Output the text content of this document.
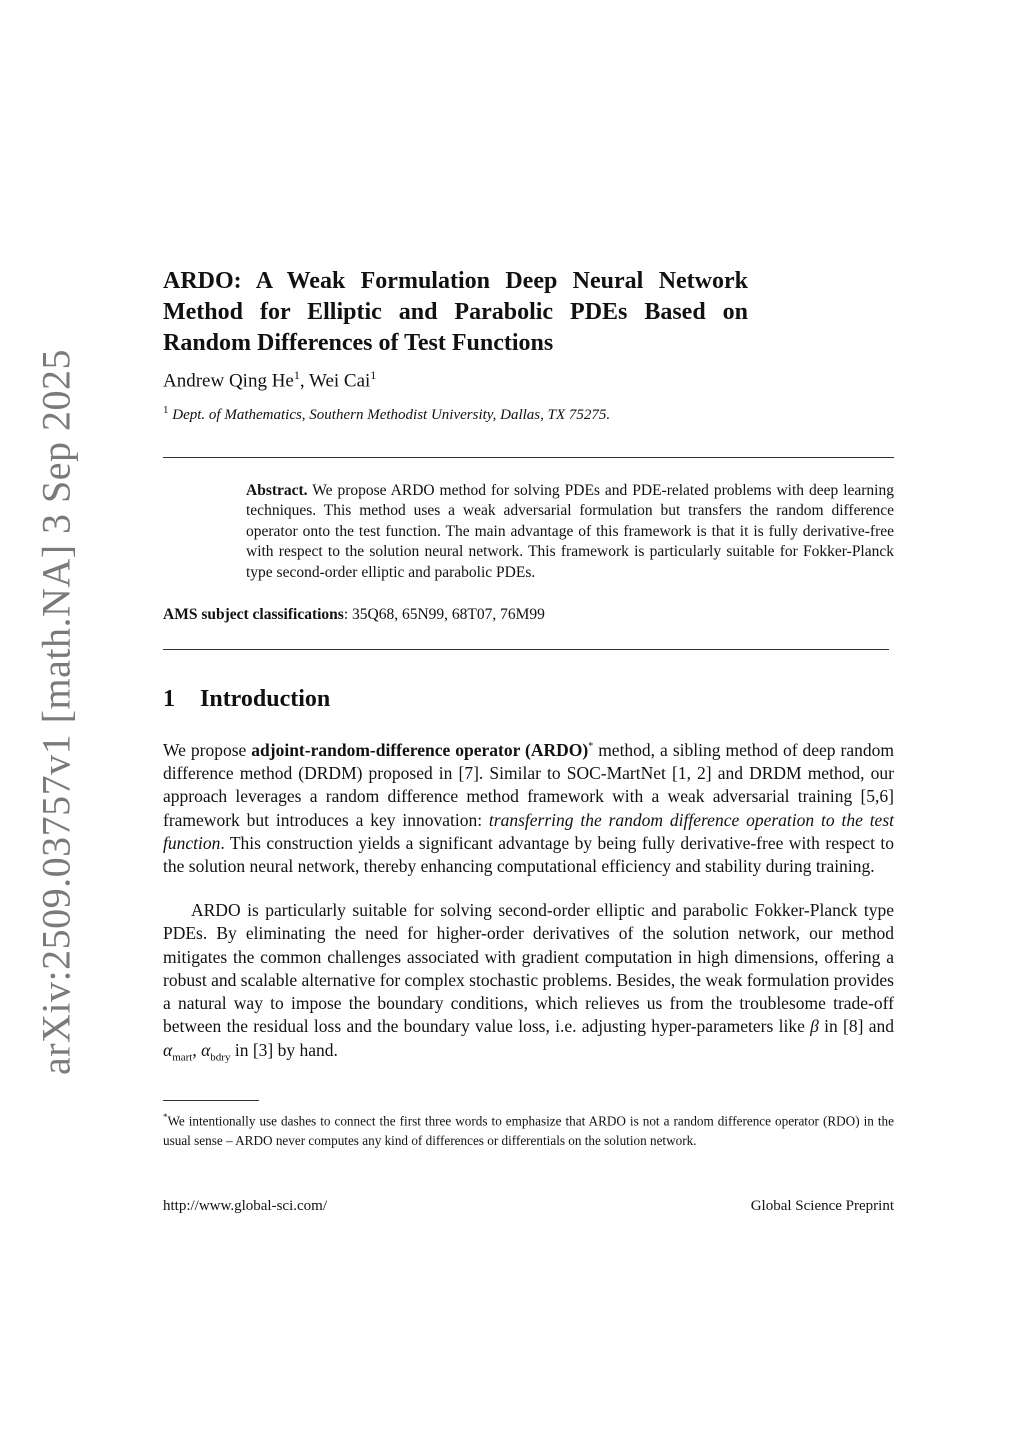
arXiv:2509.03757v1 [math.NA] 3 Sep 2025
ARDO: A Weak Formulation Deep Neural Network
Method for Elliptic and Parabolic PDEs Based on
Random Differences of Test Functions
Andrew Qing He$^1$, Wei Cai$^1$
$^1$ Dept. of Mathematics, Southern Methodist University, Dallas, TX 75275.
Abstract. We propose ARDO method for solving PDEs and PDE-related problems with deep learning techniques. This method uses a weak adversarial formulation but transfers the random difference operator onto the test function. The main advantage of this framework is that it is fully derivative-free with respect to the solution neural network. This framework is particularly suitable for Fokker-Planck type second-order elliptic and parabolic PDEs.
AMS subject classifications: 35Q68, 65N99, 68T07, 76M99
1 Introduction

We propose adjoint-random-difference operator (ARDO)* method, a sibling method of deep random difference method (DRDM) proposed in [7]. Similar to SOC-MartNet [1, 2] and DRDM method, our approach leverages a random difference method framework with a weak adversarial training [5,6] framework but introduces a key innovation: transferring the random difference operation to the test function. This construction yields a significant advantage by being fully derivative-free with respect to the solution neural network, thereby enhancing computational efficiency and stability during training.

ARDO is particularly suitable for solving second-order elliptic and parabolic Fokker-Planck type PDEs. By eliminating the need for higher-order derivatives of the solution network, our method mitigates the common challenges associated with gradient computation in high dimensions, offering a robust and scalable alternative for complex stochastic problems. Besides, the weak formulation provides a natural way to impose the boundary conditions, which relieves us from the troublesome trade-off between the residual loss and the boundary value loss, i.e. adjusting hyper-parameters like β in [8] and $\alpha_{mart}$, $\alpha_{bdry}$ in [3] by hand.

*We intentionally use dashes to connect the first three words to emphasize that ARDO is not a random difference operator (RDO) in the usual sense – ARDO never computes any kind of differences or differentials on the solution network.
http://www.global-sci.com/	Global Science Preprint
